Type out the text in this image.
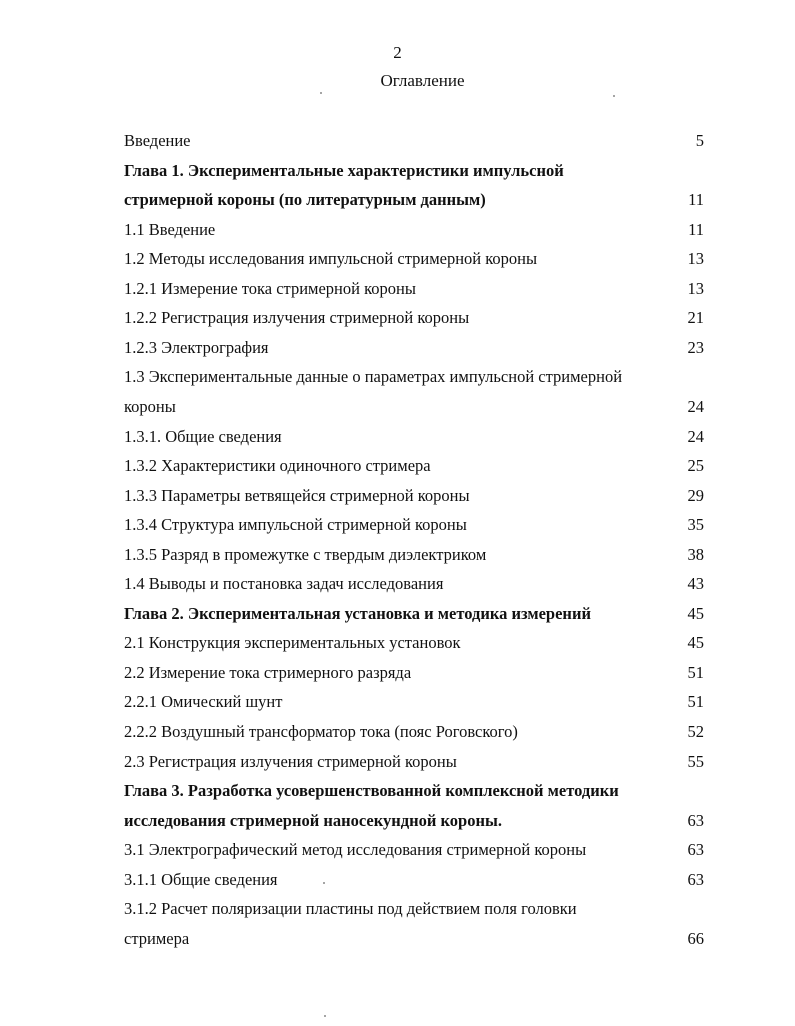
2
Оглавление
Введение	5
Глава 1. Экспериментальные характеристики импульсной
стримерной короны (по литературным данным)	11
1.1 Введение	11
1.2 Методы исследования импульсной стримерной короны	13
1.2.1 Измерение тока стримерной короны	13
1.2.2 Регистрация излучения стримерной короны	21
1.2.3 Электрография	23
1.3 Экспериментальные данные о параметрах импульсной стримерной
короны	24
1.3.1. Общие сведения	24
1.3.2 Характеристики одиночного стримера	25
1.3.3 Параметры ветвящейся стримерной короны	29
1.3.4 Структура импульсной стримерной короны	35
1.3.5 Разряд в промежутке с твердым диэлектриком	38
1.4 Выводы и постановка задач исследования	43
Глава 2. Экспериментальная установка и методика измерений	45
2.1 Конструкция экспериментальных установок	45
2.2 Измерение тока стримерного разряда	51
2.2.1 Омический шунт	51
2.2.2 Воздушный трансформатор тока (пояс Роговского)	52
2.3 Регистрация излучения стримерной короны	55
Глава 3. Разработка усовершенствованной комплексной методики
исследования стримерной наносекундной короны.	63
3.1 Электрографический метод исследования стримерной короны	63
3.1.1 Общие сведения	63
3.1.2 Расчет поляризации пластины под действием поля головки
стримера	66
